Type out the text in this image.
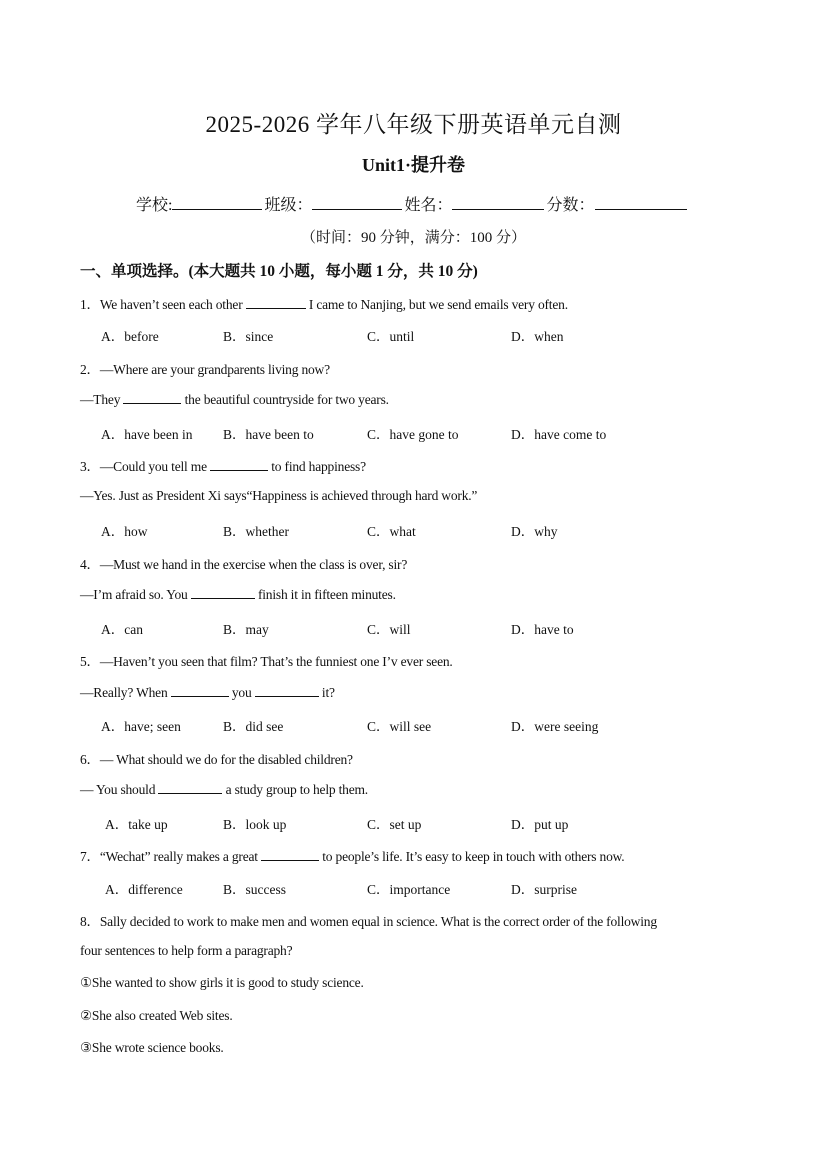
2025-2026 学年八年级下册英语单元自测
Unit1·提升卷
学校:	班级：	姓名：	分数：
（时间：90 分钟，满分：100 分）
一、单项选择。(本大题共 10 小题，每小题 1 分，共 10 分)
1．We haven’t seen each other	I came to Nanjing, but we send emails very often.
A．before	B．since	C．until	D．when
2．—Where are your grandparents living now?
—They	the beautiful countryside for two years.
A．have been in B．have been to	C．have gone to	D．have come to
3．—Could you tell me	to find happiness?
—Yes. Just as President Xi says“Happiness is achieved through hard work.”
A．how	B．whether	C．what	D．why
4．—Must we hand in the exercise when the class is over, sir?
—I’m afraid so. You	finish it in fifteen minutes.
A．can	B．may	C．will	D．have to
5．—Haven’t you seen that film? That’s the funniest one I’v ever seen.
—Really? When	you	it?
A．have; seen	B．did see	C．will see	D．were seeing
6．— What should we do for the disabled children?
— You should	a study group to help them.
A．take up	B．look up	C．set up	D．put up
7．“Wechat” really makes a great	to people’s life. It’s easy to keep in touch with others now.
A．difference	B．success	C．importance	D．surprise
8．Sally decided to work to make men and women equal in science. What is the correct order of the following
four sentences to help form a paragraph?
①She wanted to show girls it is good to study science.
②She also created Web sites.
③She wrote science books.
